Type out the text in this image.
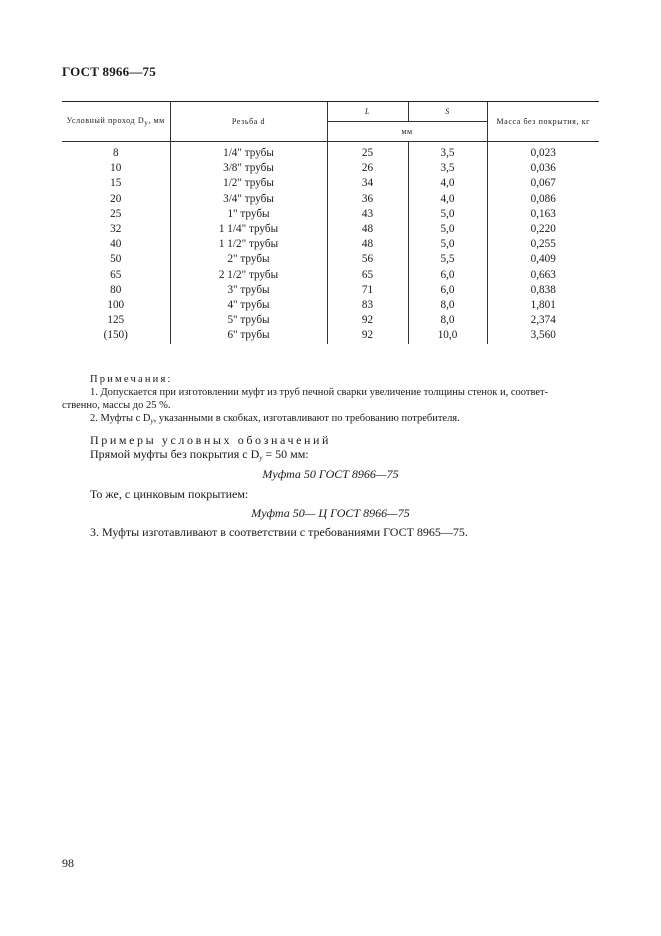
ГОСТ 8966—75
Условный проход $D_у$, мм	Резьба d	L	S	Масса без покрытия, кг
		мм		
8	1/4" трубы	25	3,5	0,023
10	3/8" трубы	26	3,5	0,036
15	1/2" трубы	34	4,0	0,067
20	3/4" трубы	36	4,0	0,086
25	1" трубы	43	5,0	0,163
32	1 1/4" трубы	48	5,0	0,220
40	1 1/2" трубы	48	5,0	0,255
50	2" трубы	56	5,5	0,409
65	2 1/2" трубы	65	6,0	0,663
80	3" трубы	71	6,0	0,838
100	4" трубы	83	8,0	1,801
125	5" трубы	92	8,0	2,374
(150)	6" трубы	92	10,0	3,560
Примечания:
1. Допускается при изготовлении муфт из труб печной сварки увеличение толщины стенок и, соответ-
ственно, массы до 25 %.
2. Муфты с $D_у$, указанными в скобках, изготавливают по требованию потребителя.
Примеры условных обозначений
Прямой муфты без покрытия с $D_у = 50$ мм:
Муфта 50 ГОСТ 8966—75
То же, с цинковым покрытием:
Муфта 50— Ц ГОСТ 8966—75
3. Муфты изготавливают в соответствии с требованиями ГОСТ 8965—75.
98
